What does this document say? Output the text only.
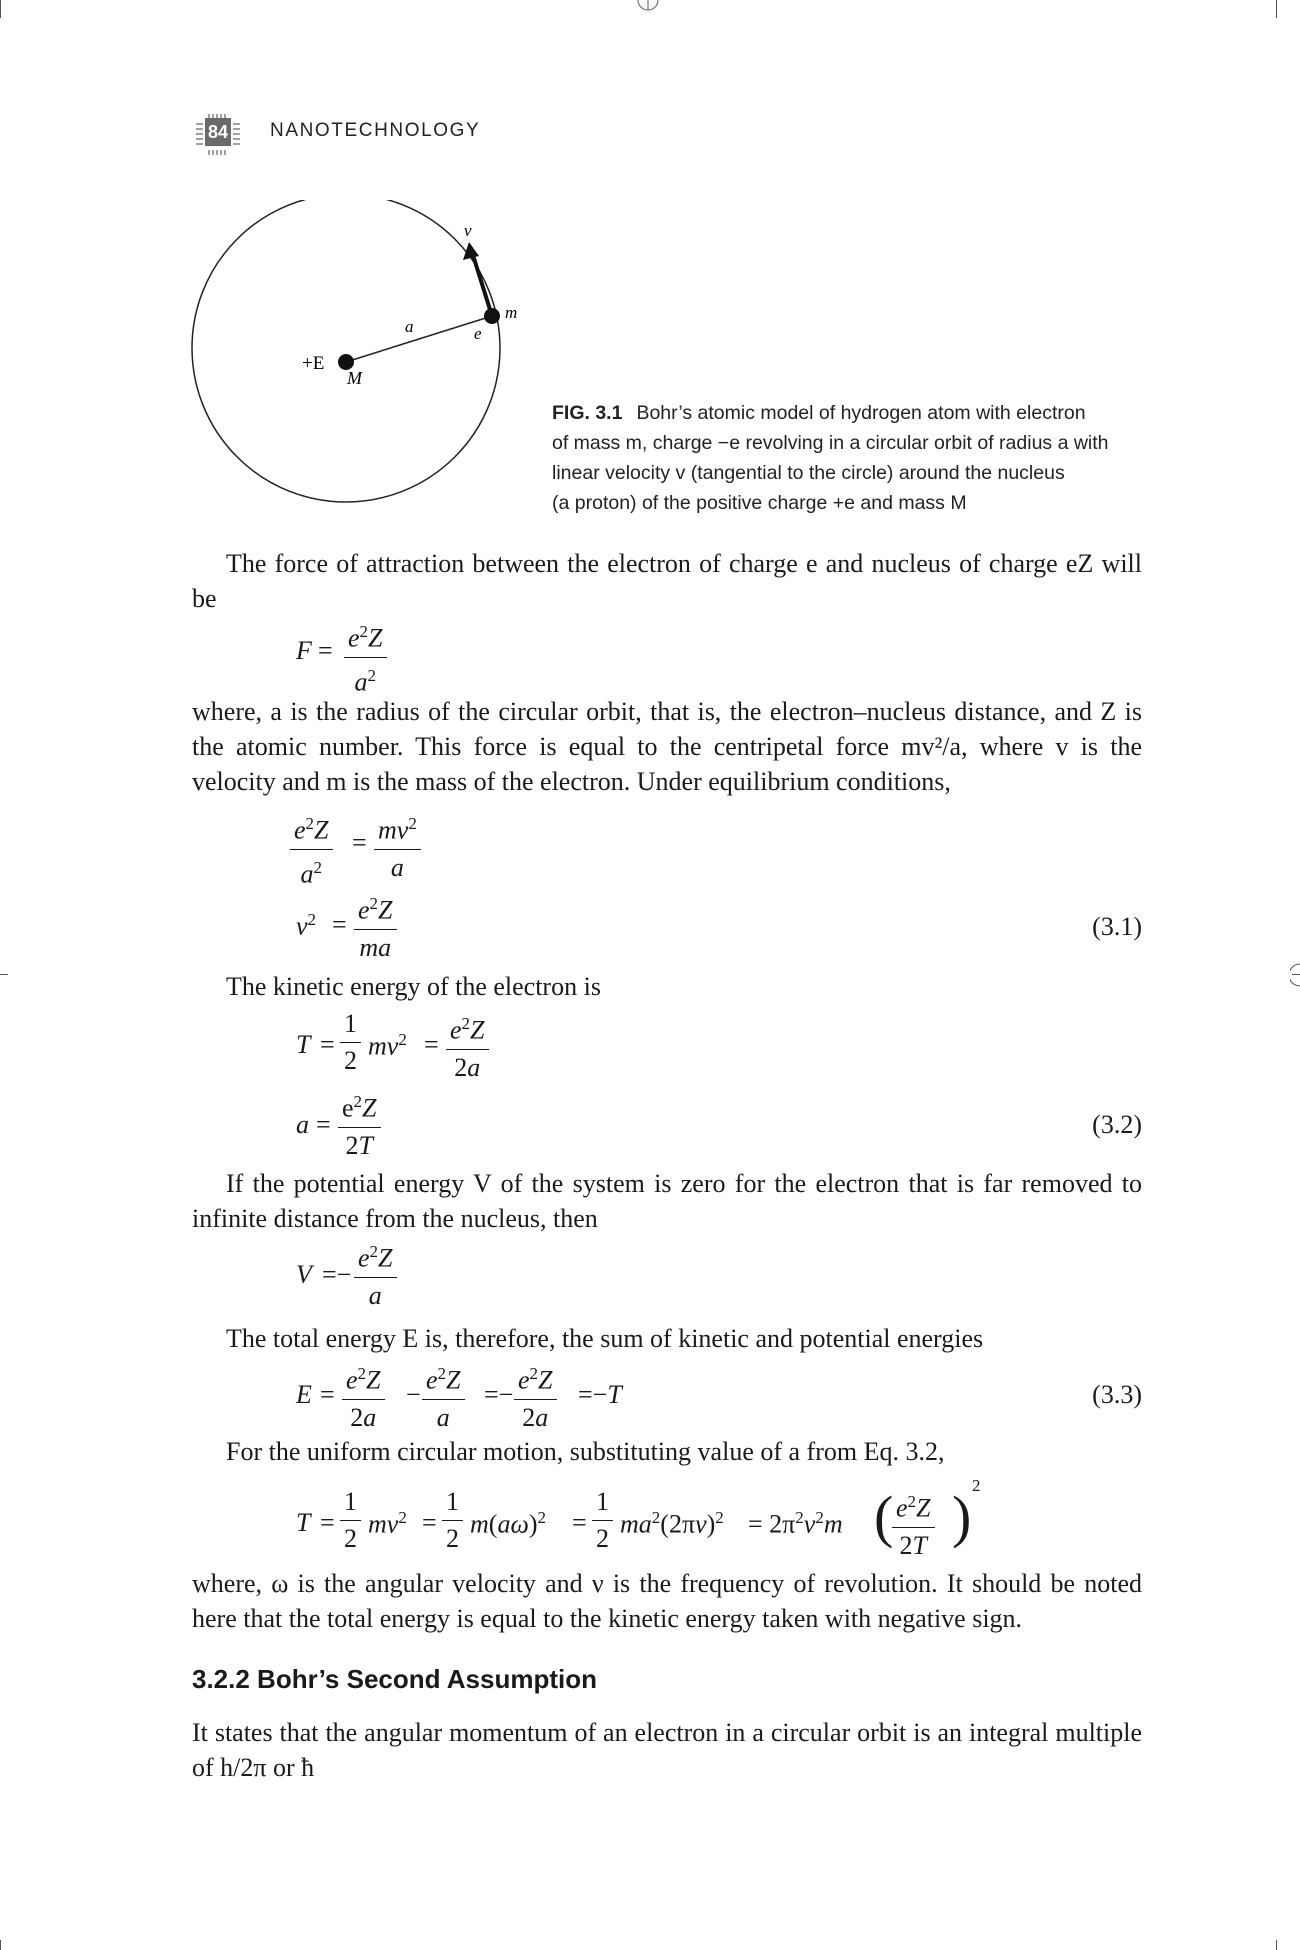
84 NANOTECHNOLOGY
v
m
a	e
+E
M
FIG. 3.1 Bohr’s atomic model of hydrogen atom with electron
of mass m, charge −e revolving in a circular orbit of radius a with
linear velocity v (tangential to the circle) around the nucleus
(a proton) of the positive charge +e and mass M
The force of attraction between the electron of charge e and nucleus of charge eZ will be
$F = \frac{e^2Z}{a^2}$
where, a is the radius of the circular orbit, that is, the electron–nucleus distance, and Z is the atomic number. This force is equal to the centripetal force mv²/a, where v is the velocity and m is the mass of the electron. Under equilibrium conditions,
$\frac{e^2Z}{a^2} = \frac{mv^2}{a}$
$v^2 = \frac{e^2Z}{ma}$	(3.1)
The kinetic energy of the electron is
$T = \frac{1}{2} mv^2 = \frac{e^2Z}{2a}$
$a = \frac{e^2Z}{2T}$	(3.2)
If the potential energy V of the system is zero for the electron that is far removed to infinite distance from the nucleus, then
$V =- \frac{e^2Z}{a}$
The total energy E is, therefore, the sum of kinetic and potential energies
$E = \frac{e^2Z}{2a} - \frac{e^2Z}{a} =- \frac{e^2Z}{2a} =-T$	(3.3)
For the uniform circular motion, substituting value of a from Eq. 3.2,
$T = \frac{1}{2} mv^2 = \frac{1}{2} m(a\omega)^2 = \frac{1}{2} ma^2(2\pi v)^2 = 2\pi^2v^2m$ (
$\frac{e^2Z}{2T}$ ) 2
where, ω is the angular velocity and ν is the frequency of revolution. It should be noted here that the total energy is equal to the kinetic energy taken with negative sign.
3.2.2 Bohr’s Second Assumption
It states that the angular momentum of an electron in a circular orbit is an integral multiple of h/2π or ħ
